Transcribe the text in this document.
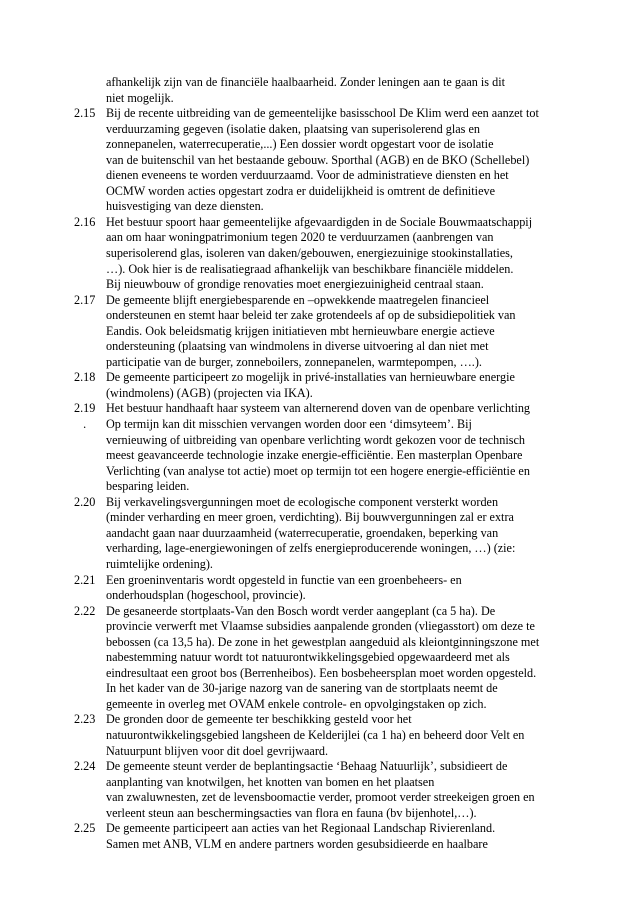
afhankelijk zijn van de financiële haalbaarheid. Zonder leningen aan te gaan is dit
niet mogelijk.
2.15 Bij de recente uitbreiding van de gemeentelijke basisschool De Klim werd een aanzet tot
verduurzaming gegeven (isolatie daken, plaatsing van superisolerend glas en
zonnepanelen, waterrecuperatie,...) Een dossier wordt opgestart voor de isolatie
van de buitenschil van het bestaande gebouw. Sporthal (AGB) en de BKO (Schellebel)
dienen eveneens te worden verduurzaamd. Voor de administratieve diensten en het
OCMW worden acties opgestart zodra er duidelijkheid is omtrent de definitieve
huisvestiging van deze diensten.
2.16 Het bestuur spoort haar gemeentelijke afgevaardigden in de Sociale Bouwmaatschappij
aan om haar woningpatrimonium tegen 2020 te verduurzamen (aanbrengen van
superisolerend glas, isoleren van daken/gebouwen, energiezuinige stookinstallaties,
…). Ook hier is de realisatiegraad afhankelijk van beschikbare financiële middelen.
Bij nieuwbouw of grondige renovaties moet energiezuinigheid centraal staan.
2.17 De gemeente blijft energiebesparende en –opwekkende maatregelen financieel
ondersteunen en stemt haar beleid ter zake grotendeels af op de subsidiepolitiek van
Eandis. Ook beleidsmatig krijgen initiatieven mbt hernieuwbare energie actieve
ondersteuning (plaatsing van windmolens in diverse uitvoering al dan niet met
participatie van de burger, zonneboilers, zonnepanelen, warmtepompen, ….).
2.18 De gemeente participeert zo mogelijk in privé-installaties van hernieuwbare energie
(windmolens) (AGB) (projecten via IKA).
2.19
.
Het bestuur handhaaft haar systeem van alternerend doven van de openbare verlichting
Op termijn kan dit misschien vervangen worden door een ‘dimsyteem’. Bij
vernieuwing of uitbreiding van openbare verlichting wordt gekozen voor de technisch
meest geavanceerde technologie inzake energie-efficiëntie. Een masterplan Openbare
Verlichting (van analyse tot actie) moet op termijn tot een hogere energie-efficiëntie en
besparing leiden.
2.20 Bij verkavelingsvergunningen moet de ecologische component versterkt worden
(minder verharding en meer groen, verdichting). Bij bouwvergunningen zal er extra
aandacht gaan naar duurzaamheid (waterrecuperatie, groendaken, beperking van
verharding, lage-energiewoningen of zelfs energieproducerende woningen, …) (zie:
ruimtelijke ordening).
2.21 Een groeninventaris wordt opgesteld in functie van een groenbeheers- en
onderhoudsplan (hogeschool, provincie).
2.22 De gesaneerde stortplaats-Van den Bosch wordt verder aangeplant (ca 5 ha). De
provincie verwerft met Vlaamse subsidies aanpalende gronden (vliegasstort) om deze te
bebossen (ca 13,5 ha). De zone in het gewestplan aangeduid als kleiontginningszone met
nabestemming natuur wordt tot natuurontwikkelingsgebied opgewaardeerd met als
eindresultaat een groot bos (Berrenheibos). Een bosbeheersplan moet worden opgesteld.
In het kader van de 30-jarige nazorg van de sanering van de stortplaats neemt de
gemeente in overleg met OVAM enkele controle- en opvolgingstaken op zich.
2.23 De gronden door de gemeente ter beschikking gesteld voor het
natuurontwikkelingsgebied langsheen de Kelderijlei (ca 1 ha) en beheerd door Velt en
Natuurpunt blijven voor dit doel gevrijwaard.
2.24 De gemeente steunt verder de beplantingsactie ‘Behaag Natuurlijk’, subsidieert de
aanplanting van knotwilgen, het knotten van bomen en het plaatsen
van zwaluwnesten, zet de levensboomactie verder, promoot verder streekeigen groen en
verleent steun aan beschermingsacties van flora en fauna (bv bijenhotel,…).
2.25 De gemeente participeert aan acties van het Regionaal Landschap Rivierenland.
Samen met ANB, VLM en andere partners worden gesubsidieerde en haalbare
